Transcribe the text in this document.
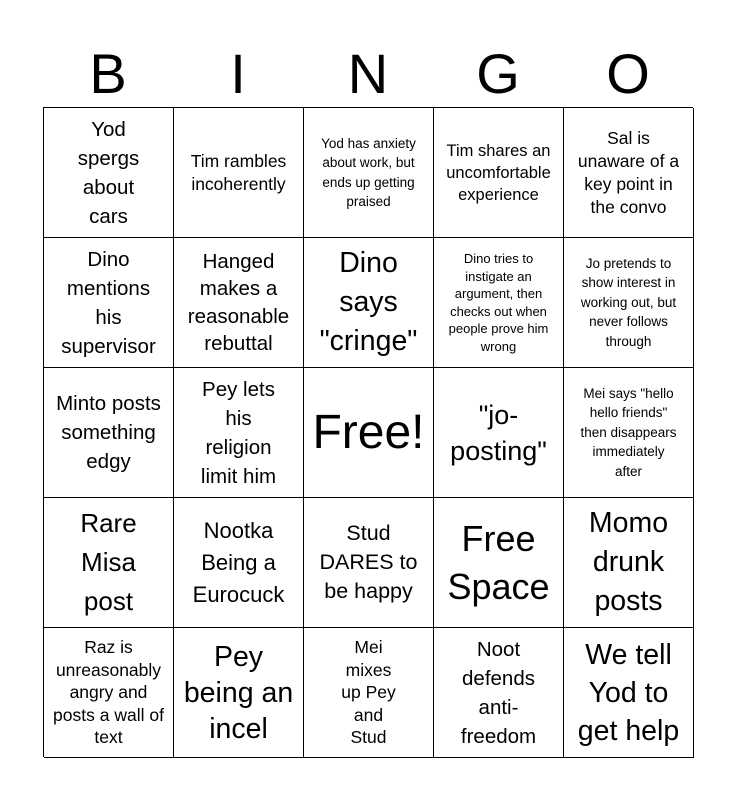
B	I	N	G	O
Yod spergs about cars
Tim rambles incoherently
Yod has anxiety about work, but ends up getting praised
Tim shares an uncomfortable experience
Sal is unaware of a key point in the convo
Dino mentions his supervisor
Hanged makes a reasonable rebuttal
Dino says "cringe"
Dino tries to instigate an argument, then checks out when people prove him wrong
Jo pretends to show interest in working out, but never follows through
Minto posts something edgy
Pey lets his religion limit him
Free!	"jo-posting"
Mei says "hello hello friends" then disappears immediately after
Rare Misa post
Nootka Being a Eurocuck
Stud DARES to be happy
Free Space
Momo drunk posts
Raz is unreasonably angry and posts a wall of text
Pey being an incel
Mei mixes up Pey and Stud
Noot defends anti-freedom
We tell Yod to get help
